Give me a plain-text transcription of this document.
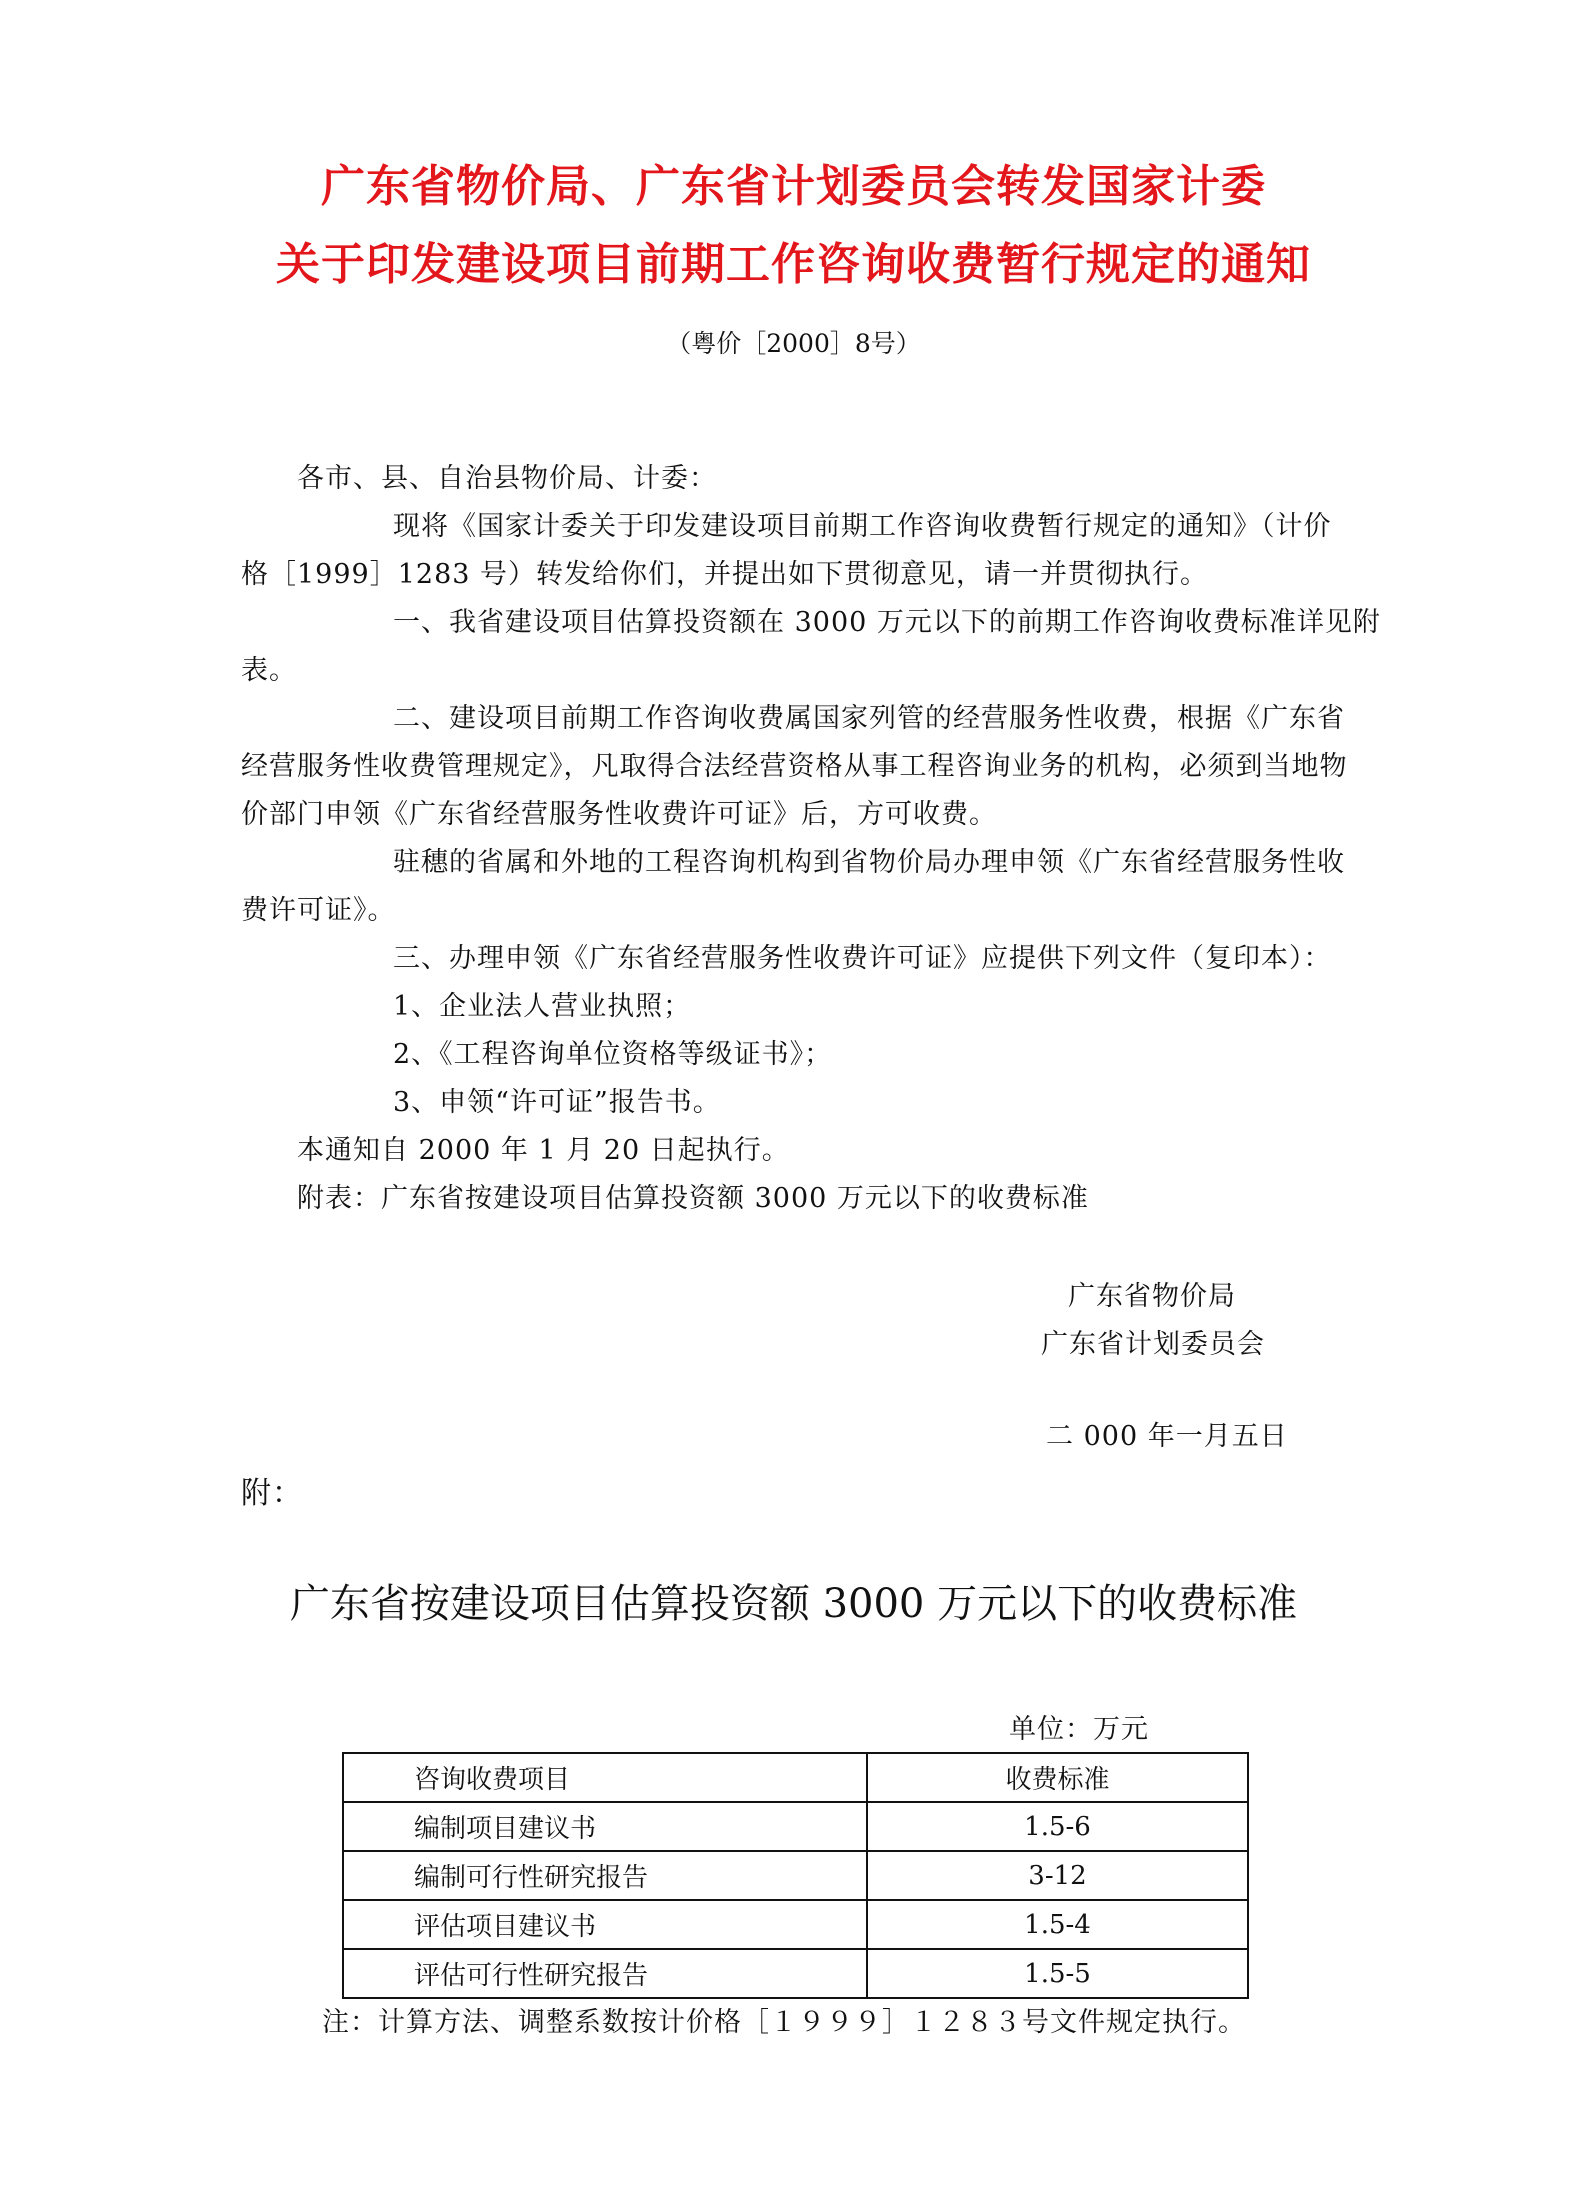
广东省物价局、广东省计划委员会转发国家计委
关于印发建设项目前期工作咨询收费暂行规定的通知
（粤价［2000］8号）
各市、县、自治县物价局、计委：
现将《国家计委关于印发建设项目前期工作咨询收费暂行规定的通知》（计价
格［1999］1283 号）转发给你们，并提出如下贯彻意见，请一并贯彻执行。
一、我省建设项目估算投资额在 3000 万元以下的前期工作咨询收费标准详见附
表。
二、建设项目前期工作咨询收费属国家列管的经营服务性收费，根据《广东省
经营服务性收费管理规定》，凡取得合法经营资格从事工程咨询业务的机构，必须到当地物
价部门申领《广东省经营服务性收费许可证》后，方可收费。
驻穗的省属和外地的工程咨询机构到省物价局办理申领《广东省经营服务性收
费许可证》。
三、办理申领《广东省经营服务性收费许可证》应提供下列文件（复印本）：
1、企业法人营业执照；
2、《工程咨询单位资格等级证书》；
3、申领“许可证”报告书。
本通知自 2000 年 1 月 20 日起执行。
附表：广东省按建设项目估算投资额 3000 万元以下的收费标准
广东省物价局
广东省计划委员会
二 000 年一月五日
附：
广东省按建设项目估算投资额 3000 万元以下的收费标准
单位：万元
咨询收费项目	收费标准
编制项目建议书	1.5-6
编制可行性研究报告	3-12
评估项目建议书	1.5-4
评估可行性研究报告	1.5-5
注：计算方法、调整系数按计价格［１９９９］１２８３号文件规定执行。
